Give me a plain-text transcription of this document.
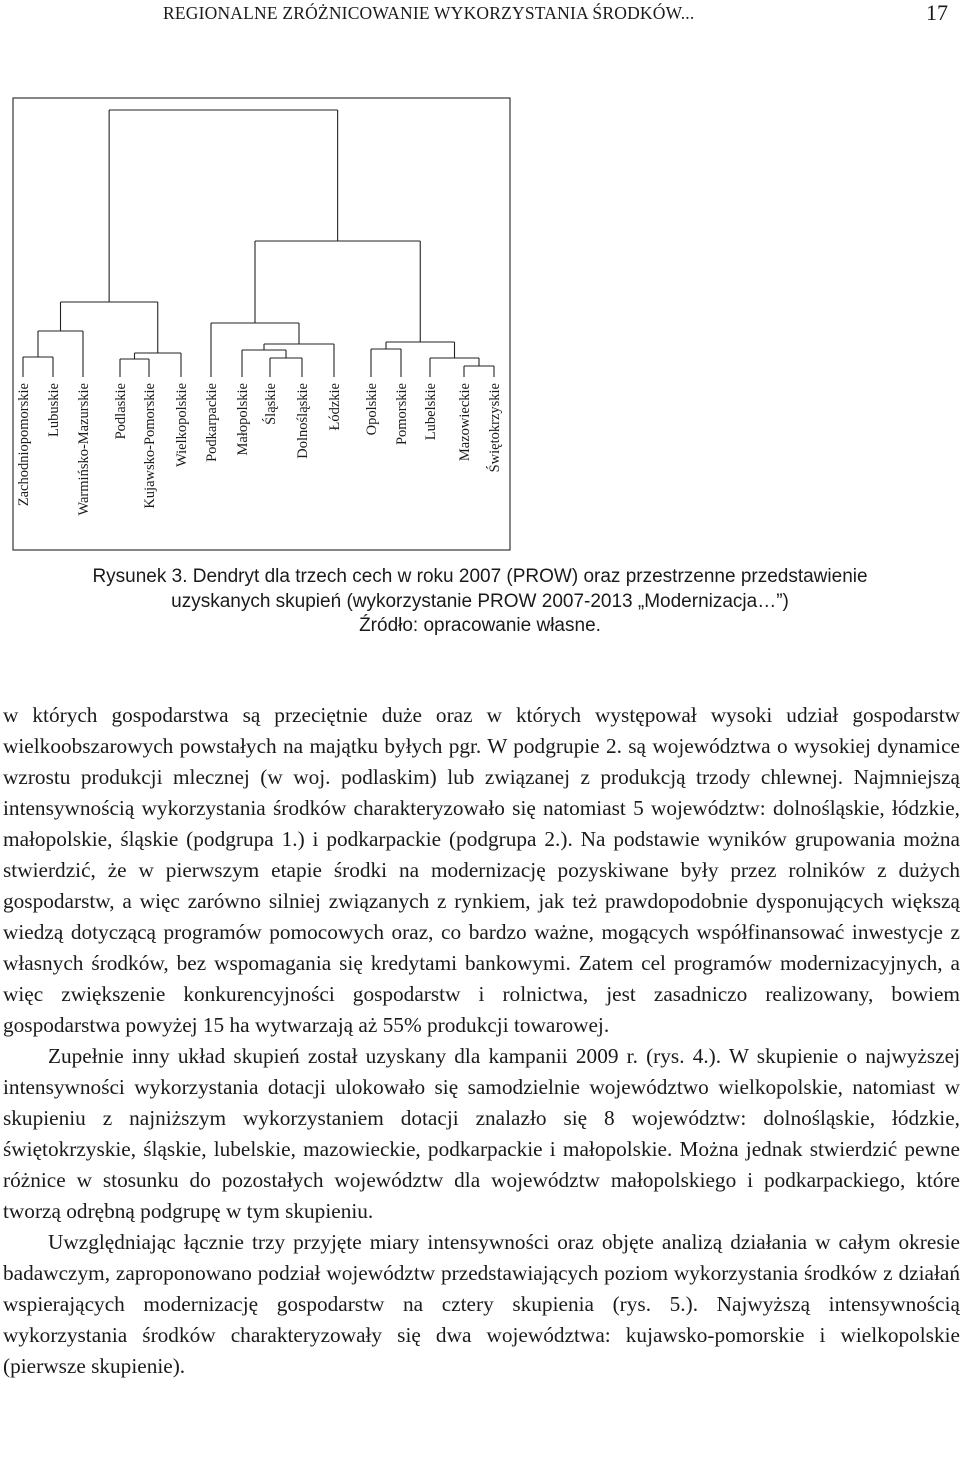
REGIONALNE ZRÓŻNICOWANIE WYKORZYSTANIA ŚRODKÓW...	17
Zachodniopomorskie Lubuskie Warmińsko-Mazurskie Podlaskie Kujawsko-Pomorskie Wielkopolskie Podkarpackie Małopolskie Śląskie Dolnośląskie Łódzkie Opolskie Pomorskie Lubelskie Mazowieckie Świętokrzyskie

Rysunek 3. Dendryt dla trzech cech w roku 2007 (PROW) oraz przestrzenne przedstawienie

uzyskanych skupień (wykorzystanie PROW 2007-2013 „Modernizacja…”)

Źródło: opracowanie własne.

w których gospodarstwa są przeciętnie duże oraz w których występował wysoki udział gospodarstw wielkoobszarowych powstałych na majątku byłych pgr. W podgrupie 2. są województwa o wysokiej dynamice wzrostu produkcji mlecznej (w woj. podlaskim) lub związanej z produkcją trzody chlewnej. Najmniejszą intensywnością wykorzystania środków charakteryzowało się natomiast 5 województw: dolnośląskie, łódzkie, małopolskie, śląskie (podgrupa 1.) i podkarpackie (podgrupa 2.). Na podstawie wyników grupowania można stwierdzić, że w pierwszym etapie środki na modernizację pozyskiwane były przez rolników z dużych gospodarstw, a więc zarówno silniej związanych z rynkiem, jak też prawdopodobnie dysponujących większą wiedzą dotyczącą programów pomocowych oraz, co bardzo ważne, mogących współfinansować inwestycje z własnych środków, bez wspomagania się kredytami bankowymi. Zatem cel programów modernizacyjnych, a więc zwiększenie konkurencyjności gospodarstw i rolnictwa, jest zasadniczo realizowany, bowiem gospodarstwa powyżej 15 ha wytwarzają aż 55% produkcji towarowej.

Zupełnie inny układ skupień został uzyskany dla kampanii 2009 r. (rys. 4.). W skupienie o najwyższej intensywności wykorzystania dotacji ulokowało się samodzielnie województwo wielkopolskie, natomiast w skupieniu z najniższym wykorzystaniem dotacji znalazło się 8 województw: dolnośląskie, łódzkie, świętokrzyskie, śląskie, lubelskie, mazowieckie, podkarpackie i małopolskie. Można jednak stwierdzić pewne różnice w stosunku do pozostałych województw dla województw małopolskiego i podkarpackiego, które tworzą odrębną podgrupę w tym skupieniu.

Uwzględniając łącznie trzy przyjęte miary intensywności oraz objęte analizą działania w całym okresie badawczym, zaproponowano podział województw przedstawiających poziom wykorzystania środków z działań wspierających modernizację gospodarstw na cztery skupienia (rys. 5.). Najwyższą intensywnością wykorzystania środków charakteryzowały się dwa województwa: kujawsko-pomorskie i wielkopolskie (pierwsze skupienie).
